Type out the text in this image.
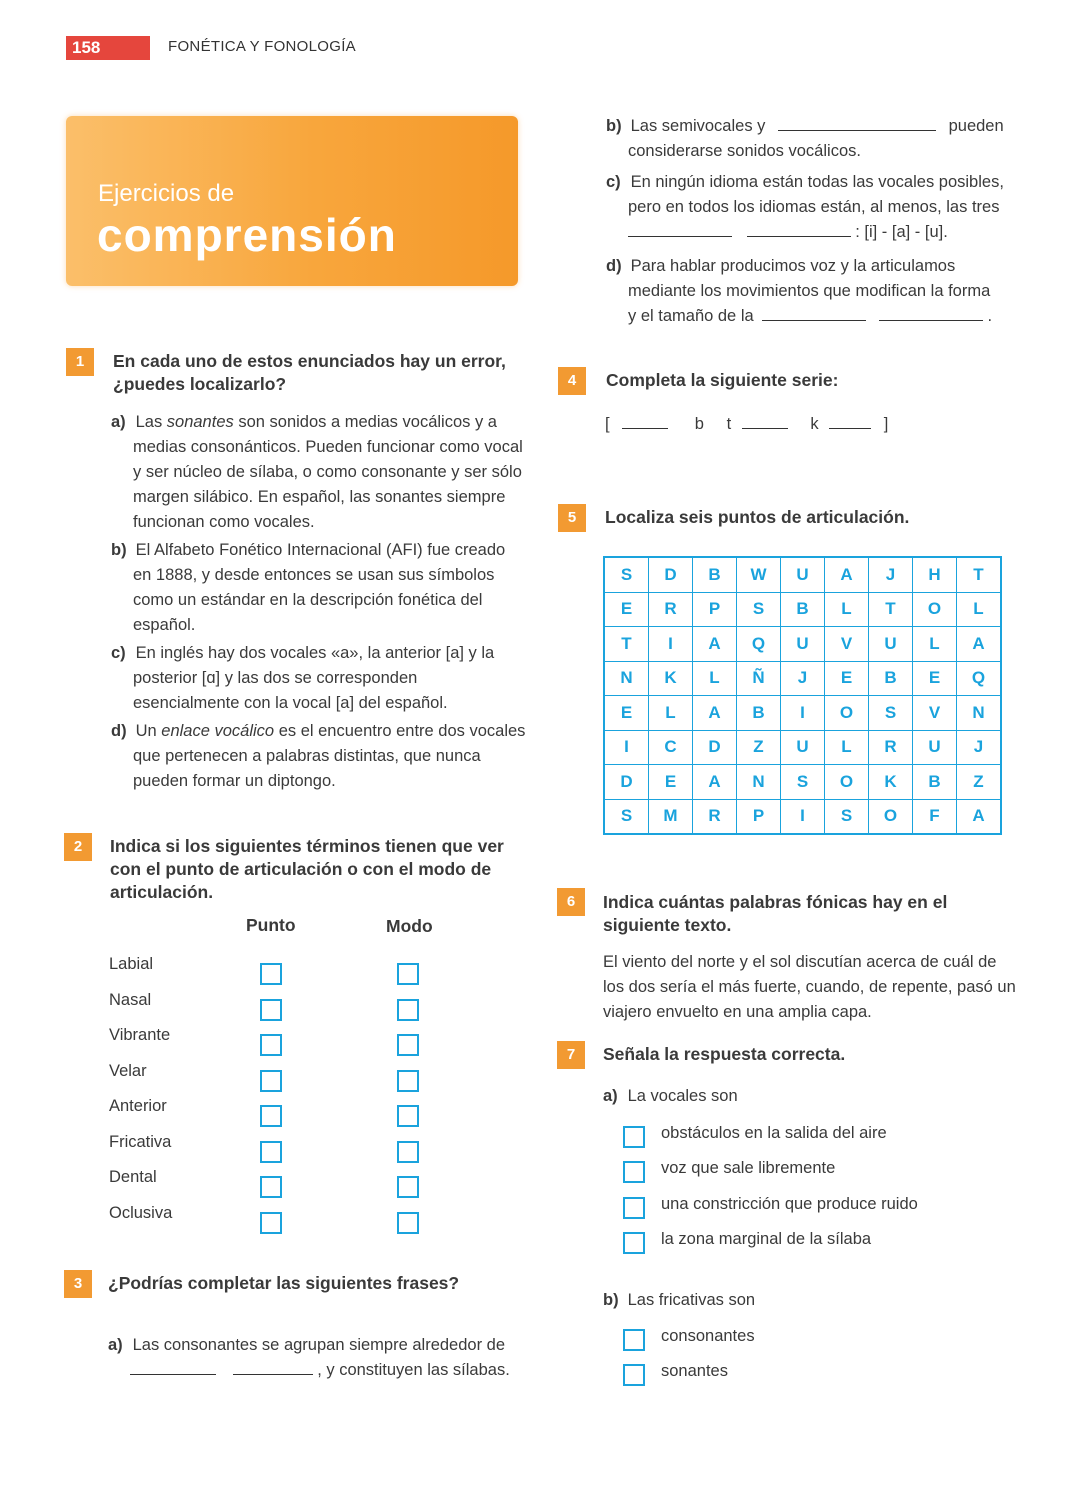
158	FONÉTICA Y FONOLOGÍA
Ejercicios de
comprensión
1	En cada uno de estos enunciados hay un error,
¿puedes localizarlo?
a) Las sonantes son sonidos a medias vocálicos y a
medias consonánticos. Pueden funcionar como vocal
y ser núcleo de sílaba, o como consonante y ser sólo
margen silábico. En español, las sonantes siempre
funcionan como vocales.
b) El Alfabeto Fonético Internacional (AFI) fue creado
en 1888, y desde entonces se usan sus símbolos
como un estándar en la descripción fonética del
español.
c) En inglés hay dos vocales «a», la anterior [a] y la
posterior [ɑ] y las dos se corresponden
esencialmente con la vocal [a] del español.
d) Un enlace vocálico es el encuentro entre dos vocales
que pertenecen a palabras distintas, que nunca
pueden formar un diptongo.
2	Indica si los siguientes términos tienen que ver
con el punto de articulación o con el modo de
articulación.
Punto	Modo
Labial
Nasal
Vibrante
Velar
Anterior
Fricativa
Dental
Oclusiva
3	¿Podrías completar las siguientes frases?
a) Las consonantes se agrupan siempre alrededor de
, y constituyen las sílabas.
b) Las semivocales y	pueden
considerarse sonidos vocálicos.
c) En ningún idioma están todas las vocales posibles,
pero en todos los idiomas están, al menos, las tres
: [i] - [a] - [u].
d) Para hablar producimos voz y la articulamos
mediante los movimientos que modifican la forma
y el tamaño de la	.
4	Completa la siguiente serie:
[	b t	k	]
5	Localiza seis puntos de articulación.
S	D	B	W	U	A	J	H	T
E	R	P	S	B	L	T	O	L
T	I	A	Q	U	V	U	L	A
N	K	L	Ñ	J	E	B	E	Q
E	L	A	B	I	O	S	V	N
I	C	D	Z	U	L	R	U	J
D	E	A	N	S	O	K	B	Z
S	M	R	P	I	S	O	F	A
6	Indica cuántas palabras fónicas hay en el
siguiente texto.
El viento del norte y el sol discutían acerca de cuál de
los dos sería el más fuerte, cuando, de repente, pasó un
viajero envuelto en una amplia capa.
7	Señala la respuesta correcta.
a) La vocales son
obstáculos en la salida del aire
voz que sale libremente
una constricción que produce ruido
la zona marginal de la sílaba
b) Las fricativas son
consonantes
sonantes
